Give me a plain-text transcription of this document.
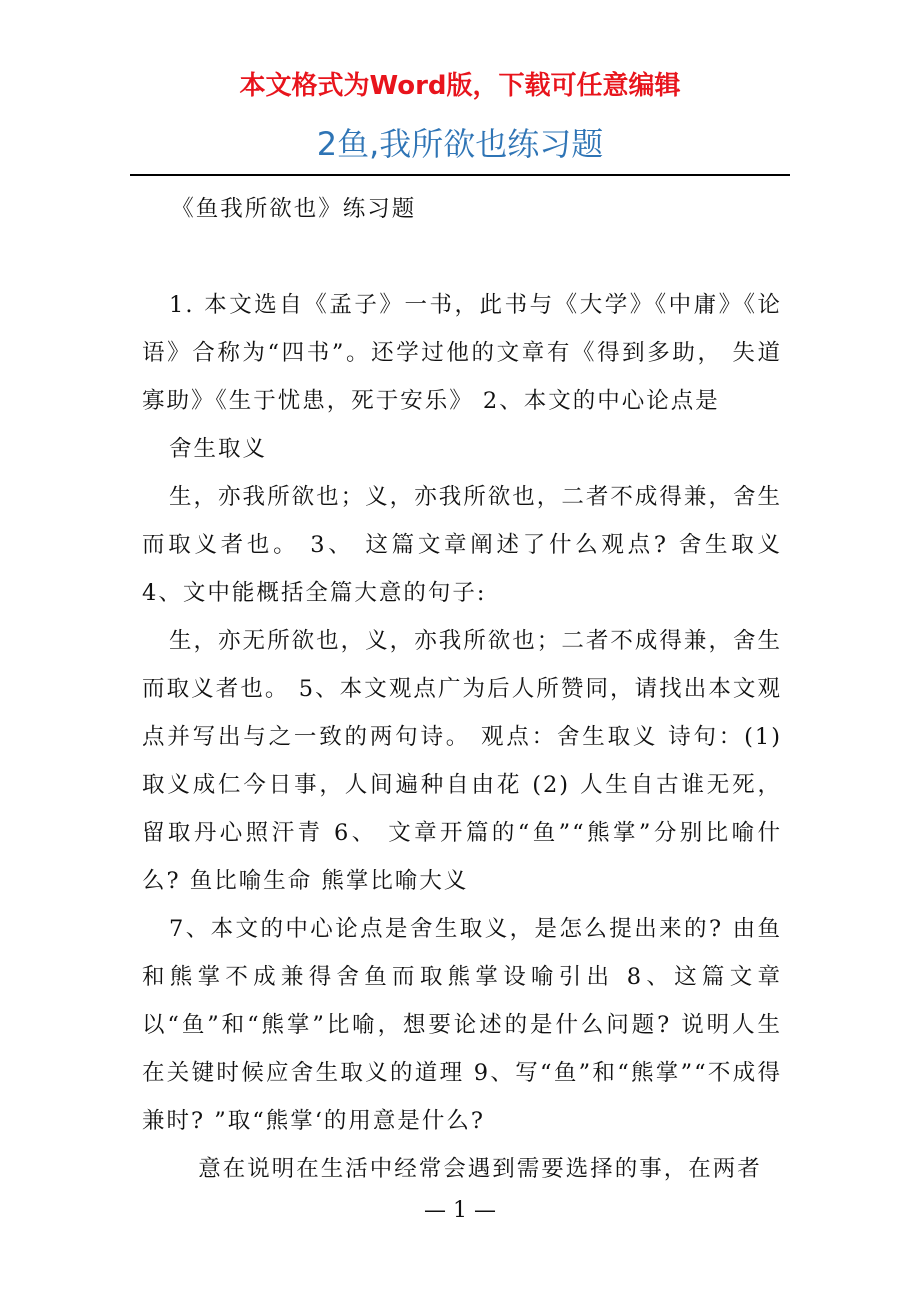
本文格式为Word版，下载可任意编辑
2鱼,我所欲也练习题

《鱼我所欲也》练习题

1. 本文选自《孟子》一书，此书与《大学》《中庸》《论语》合称为“四书”。还学过他的文章有《得到多助， 失道寡助》《生于忧患，死于安乐》 2、本文的中心论点是

舍生取义

生，亦我所欲也；义，亦我所欲也，二者不成得兼，舍生而取义者也。 3、 这篇文章阐述了什么观点? 舍生取义 4、文中能概括全篇大意的句子:

生，亦无所欲也，义，亦我所欲也；二者不成得兼，舍生而取义者也。 5、本文观点广为后人所赞同，请找出本文观点并写出与之一致的两句诗。 观点：舍生取义 诗句：(1) 取义成仁今日事，人间遍种自由花 (2) 人生自古谁无死，留取丹心照汗青 6、 文章开篇的“鱼”“熊掌”分别比喻什么? 鱼比喻生命 熊掌比喻大义

7、本文的中心论点是舍生取义，是怎么提出来的? 由鱼和熊掌不成兼得舍鱼而取熊掌设喻引出 8、这篇文章以“鱼”和“熊掌”比喻，想要论述的是什么问题? 说明人生在关键时候应舍生取义的道理 9、写“鱼”和“熊掌”“不成得兼时? ”取“熊掌‘的用意是什么?

意在说明在生活中经常会遇到需要选择的事，在两者

— 1 —
